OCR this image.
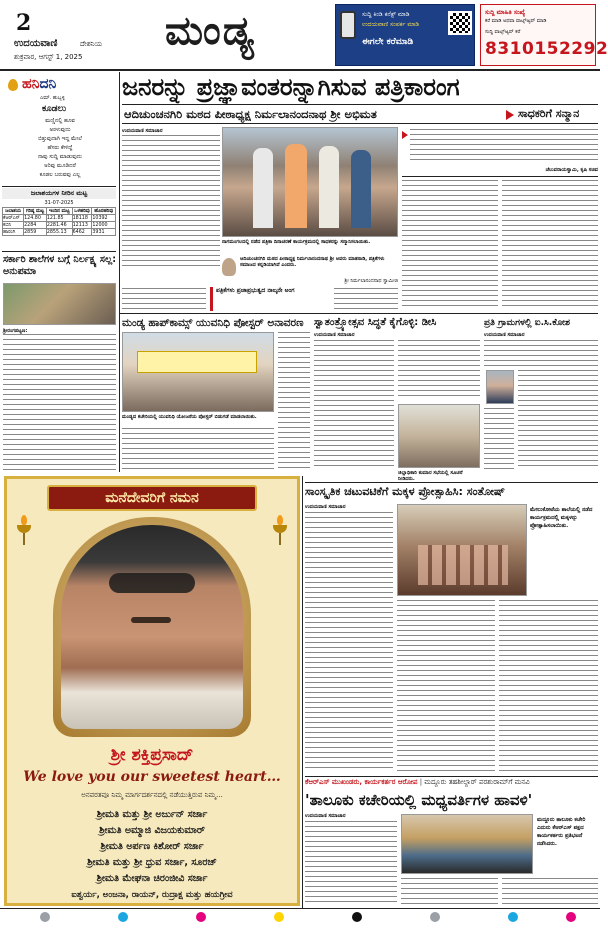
2
ಉದಯವಾಣಿ	ದೇಶನಿಯ
ಶುಕ್ರವಾರ, ಆಗಸ್ಟ್ 1, 2025
ಮಂಡ್ಯ	ಸುದ್ದಿ ಕಿಂಡಿ ಕನೆಕ್ಟ್ ಮಾಡಿ
ಉದಯವಾಣಿ ಸಂಪರ್ಕ ಮಾಡಿ
ಈಗಲೇ ಕರೆಮಾಡಿ
ಸುದ್ದಿ ಮಾಹಿತಿ ಸಂಖ್ಯೆ
ಕರೆ ಮಾಡಿ ಅಥವಾ ವಾಟ್ಸ್ಆ್ಯಪ್ ಮಾಡಿ
ಸುದ್ದಿ ವಾಟ್ಸ್ಆ್ಯಪ್ ಕರೆ
8310152292
ಹನಿದನಿ
ಎಮ್. ಹುಬ್ಬಳ್ಳಿ
ಕೂಡಲು
ಮಣ್ಣಿನಲ್ಲಿ ಹೂವ
ಅರಳುವುದು
ಬಿತ್ತುವುದಾಗಿ ಇದ್ದ ಮೇಲೆ
ಹೆಸರು ಕೇಳಿದ್ದೆ
ನಾವು ಸುದ್ದಿ ಮಾಡುವುದು
ಅರಿವು ಮೂಡಿದರೆ
ಕೂಡಲ ಬರುವವು ಎಲ್ಲ
ಜಲಾಶಯಗಳ ನೀರಿನ ಮಟ್ಟ
31-07-2025
ಜಲಾಶಯ	ಗರಿಷ್ಠ ಮಟ್ಟ	ಇಂದಿನ ಮಟ್ಟ	ಒಳಹರಿವು	ಹೊರಹರಿವು
ಕೆಆರ್‌ಎಸ್	124.80	121.85	18118	10392
ಕಬಿನಿ	2284	2281.46	12113	12000
ಹಾರಂಗಿ	2859	2855.13	6462	3931
ಸರ್ಕಾರಿ ಶಾಲೆಗಳ ಬಗ್ಗೆ ನಿರ್ಲಕ್ಷ್ಯ ಸಲ್ಲ: ಅನುಪಮಾ
ಶ್ರೀರಂಗಪಟ್ಟಣ:
ಜನರನ್ನು ಪ್ರಜ್ಞಾವಂತರನ್ನಾಗಿಸುವ ಪತ್ರಿಕಾರಂಗ
ಆದಿಚುಂಚನಗಿರಿ ಮಠದ ಪೀಠಾಧ್ಯಕ್ಷ ನಿರ್ಮಲಾನಂದನಾಥ ಶ್ರೀ ಅಭಿಮತ	ಸಾಧಕರಿಗೆ ಸನ್ಮಾನ
ಉದಯವಾಣಿ ಸಮಾಚಾರ
ನಾಗಮಂಗಲದಲ್ಲಿ ನಡೆದ ಪತ್ರಿಕಾ ದಿನಾಚರಣೆ ಕಾರ್ಯಕ್ರಮದಲ್ಲಿ ಸಾಧಕರನ್ನು ಸನ್ಮಾನಿಸಲಾಯಿತು.
ಆದಿಚುಂಚನಗಿರಿ ಮಠದ ಪೀಠಾಧ್ಯಕ್ಷ ನಿರ್ಮಲಾನಂದನಾಥ ಶ್ರೀ ಅವರು ಮಾತನಾಡಿ, ಪತ್ರಿಕೆಗಳು ಸಮಾಜದ ಕನ್ನಡಿಯಾಗಿವೆ ಎಂದರು.
ಶ್ರೀ ನಿರ್ಮಲಾನಂದನಾಥ ಸ್ವಾಮೀಜಿ
ಪತ್ರಿಕೆಗಳು ಪ್ರಜಾಪ್ರಭುತ್ವದ ನಾಲ್ಕನೇ ಅಂಗ
ಚೆಲುವರಾಯಸ್ವಾಮಿ, ಕೃಷಿ ಸಚಿವ
ಮಂಡ್ಯ ಹಾಪ್‌ಕಾಮ್ಸ್ ಯುವನಿಧಿ ಪೋಸ್ಟರ್ ಅನಾವರಣ
ಮಂಡ್ಯದ ಕಚೇರಿಯಲ್ಲಿ ಯುವನಿಧಿ ಯೋಜನೆಯ ಪೋಸ್ಟರ್ ಬಿಡುಗಡೆ ಮಾಡಲಾಯಿತು.
ಸ್ವಾತಂತ್ರ್ಯೋತ್ಸವ ಸಿದ್ಧತೆ ಕೈಗೊಳ್ಳಿ: ಡೀಸಿ
ಉದಯವಾಣಿ ಸಮಾಚಾರ
ಪ್ರತಿ ಗ್ರಾಮಗಳಲ್ಲಿ ಐ.ಸಿ.ಕೋಶ
ಉದಯವಾಣಿ ಸಮಾಚಾರ
ಜಿಲ್ಲಾಧಿಕಾರಿ ಕುಮಾರ ಸಭೆಯಲ್ಲಿ ಸೂಚನೆ ನೀಡಿದರು.
ಸಾಂಸ್ಕೃತಿಕ ಚಟುವಟಿಕೆಗೆ ಮಕ್ಕಳ ಪ್ರೋತ್ಸಾಹಿಸಿ: ಸಂತೋಷ್
ಉದಯವಾಣಿ ಸಮಾಚಾರ	ಮೇಲುಕೋಟೆಯ ಶಾಲೆಯಲ್ಲಿ ನಡೆದ ಕಾರ್ಯಕ್ರಮದಲ್ಲಿ ಮಕ್ಕಳನ್ನು ಪ್ರೋತ್ಸಾಹಿಸಲಾಯಿತು.
ಕೆಆರ್‌ಎಸ್ ಮುಖಂಡರು, ಕಾರ್ಯಕರ್ತರ ಆರೋಪ | ಮದ್ದೂರು ತಹಶೀಲ್ದಾರ್ ಪರಶುರಾಮ್‌ಗೆ ಮನವಿ
'ತಾಲೂಕು ಕಚೇರಿಯಲ್ಲಿ ಮಧ್ಯವರ್ತಿಗಳ ಹಾವಳಿ'
ಉದಯವಾಣಿ ಸಮಾಚಾರ
ಮದ್ದೂರು ತಾಲೂಕು ಕಚೇರಿ ಎದುರು ಕೆಆರ್‌ಎಸ್ ಪಕ್ಷದ ಕಾರ್ಯಕರ್ತರು ಪ್ರತಿಭಟನೆ ನಡೆಸಿದರು.
ಮನೆದೇವರಿಗೆ ನಮನ
ಶ್ರೀ ಶಕ್ತಿಪ್ರಸಾದ್
We love you our sweetest heart…
ಅನವರತವೂ ನಿಮ್ಮ ಮಾರ್ಗದರ್ಶನದಲ್ಲಿ ನಡೆಯುತ್ತಿರುವ ನಿಮ್ಮ...
ಶ್ರೀಮತಿ ಮತ್ತು ಶ್ರೀ ಅರ್ಜುನ್ ಸರ್ಜಾ
ಶ್ರೀಮತಿ ಅಮ್ಮಾಜಿ ವಿಜಯಕುಮಾರ್
ಶ್ರೀಮತಿ ಅರ್ಪಣ ಕಿಶೋರ್ ಸರ್ಜಾ
ಶ್ರೀಮತಿ ಮತ್ತು ಶ್ರೀ ಧ್ರುವ ಸರ್ಜಾ, ಸೂರಜ್
ಶ್ರೀಮತಿ ಮೇಘನಾ ಚಿರಂಜೀವಿ ಸರ್ಜಾ
ಐಶ್ವರ್ಯ, ಅಂಜನಾ, ರಾಯನ್, ರುದ್ರಾಕ್ಷ ಮತ್ತು ಹಯಗ್ರೀವ
